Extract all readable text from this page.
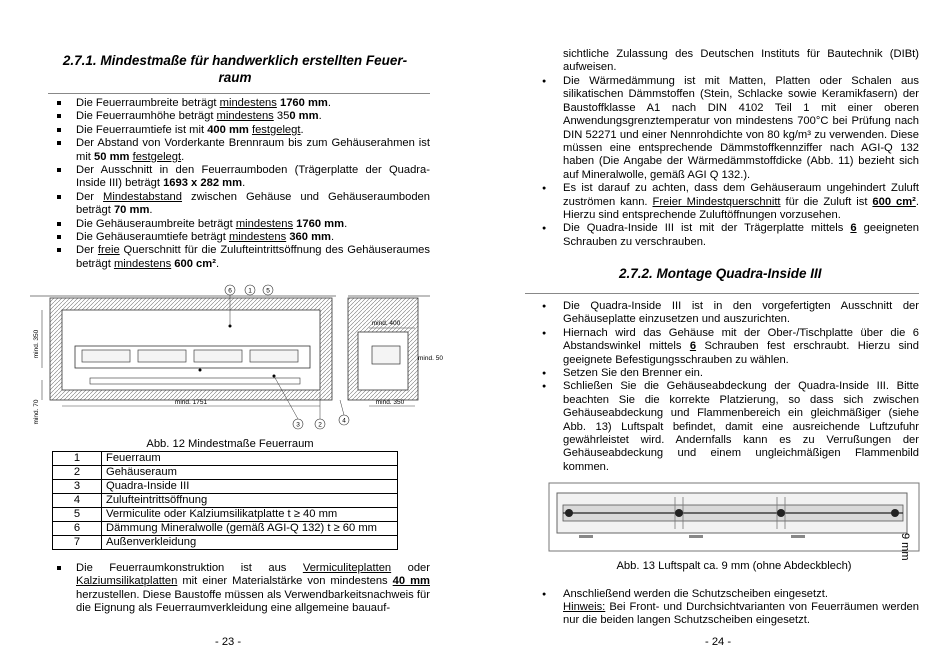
2.7.1. Mindestmaße für handwerklich erstellten Feuer-
raum
Die Feuerraumbreite beträgt mindestens 1760 mm.
Die Feuerraumhöhe beträgt mindestens 350 mm.
Die Feuerraumtiefe ist mit 400 mm festgelegt.
Der Abstand von Vorderkante Brennraum bis zum Gehäuserahmen ist mit 50 mm festgelegt.
Der Ausschnitt in den Feuerraumboden (Trägerplatte der Quadra-Inside III) beträgt 1693 x 282 mm.
Der Mindestabstand zwischen Gehäuse und Gehäuseraumboden beträgt 70 mm.
Die Gehäuseraumbreite beträgt mindestens 1760 mm.
Die Gehäuseraumtiefe beträgt mindestens 360 mm.
Der freie Querschnitt für die Zulufteintrittsöffnung des Gehäuseraumes beträgt mindestens 600 cm².
mind. 350
mind. 70	mind. 1751
mind. 400
mind. 50
mind. 350
6	1 5
3	2
4
Abb. 12 Mindestmaße Feuerraum
1	Feuerraum
2	Gehäuseraum
3	Quadra-Inside III
4	Zulufteintrittsöffnung
5	Vermiculite oder Kalziumsilikatplatte t ≥ 40 mm
6	Dämmung Mineralwolle (gemäß AGI-Q 132) t ≥ 60 mm
7	Außenverkleidung
Die Feuerraumkonstruktion ist aus Vermiculiteplatten oder Kalziumsilikatplatten mit einer Materialstärke von mindestens 40 mm herzustellen. Diese Baustoffe müssen als Verwendbarkeitsnachweis für die Eignung als Feuerraumverkleidung eine allgemeine bauauf-
- 23 -
sichtliche Zulassung des Deutschen Instituts für Bautechnik (DIBt) aufweisen.
● Die Wärmedämmung ist mit Matten, Platten oder Schalen aus silikatischen Dämmstoffen (Stein, Schlacke sowie Keramikfasern) der Baustoffklasse A1 nach DIN 4102 Teil 1 mit einer oberen Anwendungsgrenztemperatur von mindestens 700°C bei Prüfung nach DIN 52271 und einer Nennrohdichte von 80 kg/m³ zu verwenden. Diese müssen eine entsprechende Dämmstoffkennziffer nach AGI-Q 132 haben (Die Angabe der Wärmedämmstoffdicke (Abb. 11) bezieht sich auf Mineralwolle, gemäß AGI Q 132.).
● Es ist darauf zu achten, dass dem Gehäuseraum ungehindert Zuluft zuströmen kann. Freier Mindestquerschnitt für die Zuluft ist 600 cm². Hierzu sind entsprechende Zuluftöffnungen vorzusehen.
● Die Quadra-Inside III ist mit der Trägerplatte mittels 6 geeigneten Schrauben zu verschrauben.
2.7.2. Montage Quadra-Inside III
● Die Quadra-Inside III ist in den vorgefertigten Ausschnitt der Gehäuseplatte einzusetzen und auszurichten.
● Hiernach wird das Gehäuse mit der Ober-/Tischplatte über die 6 Abstandswinkel mittels 6 Schrauben fest erschraubt. Hierzu sind geeignete Befestigungsschrauben zu wählen.
● Setzen Sie den Brenner ein.
● Schließen Sie die Gehäuseabdeckung der Quadra-Inside III. Bitte beachten Sie die korrekte Platzierung, so dass sich zwischen Gehäuseabdeckung und Flammenbereich ein gleichmäßiger (siehe Abb. 13) Luftspalt befindet, damit eine ausreichende Luftzufuhr gewährleistet wird. Andernfalls kann es zu Verrußungen der Gehäuseabdeckung und einem ungleichmäßigen Flammenbild kommen.
9 mm
Abb. 13 Luftspalt ca. 9 mm (ohne Abdeckblech)
● Anschließend werden die Schutzscheiben eingesetzt.
Hinweis: Bei Front- und Durchsichtvarianten von Feuerräumen werden nur die beiden langen Schutzscheiben eingesetzt.
- 24 -
